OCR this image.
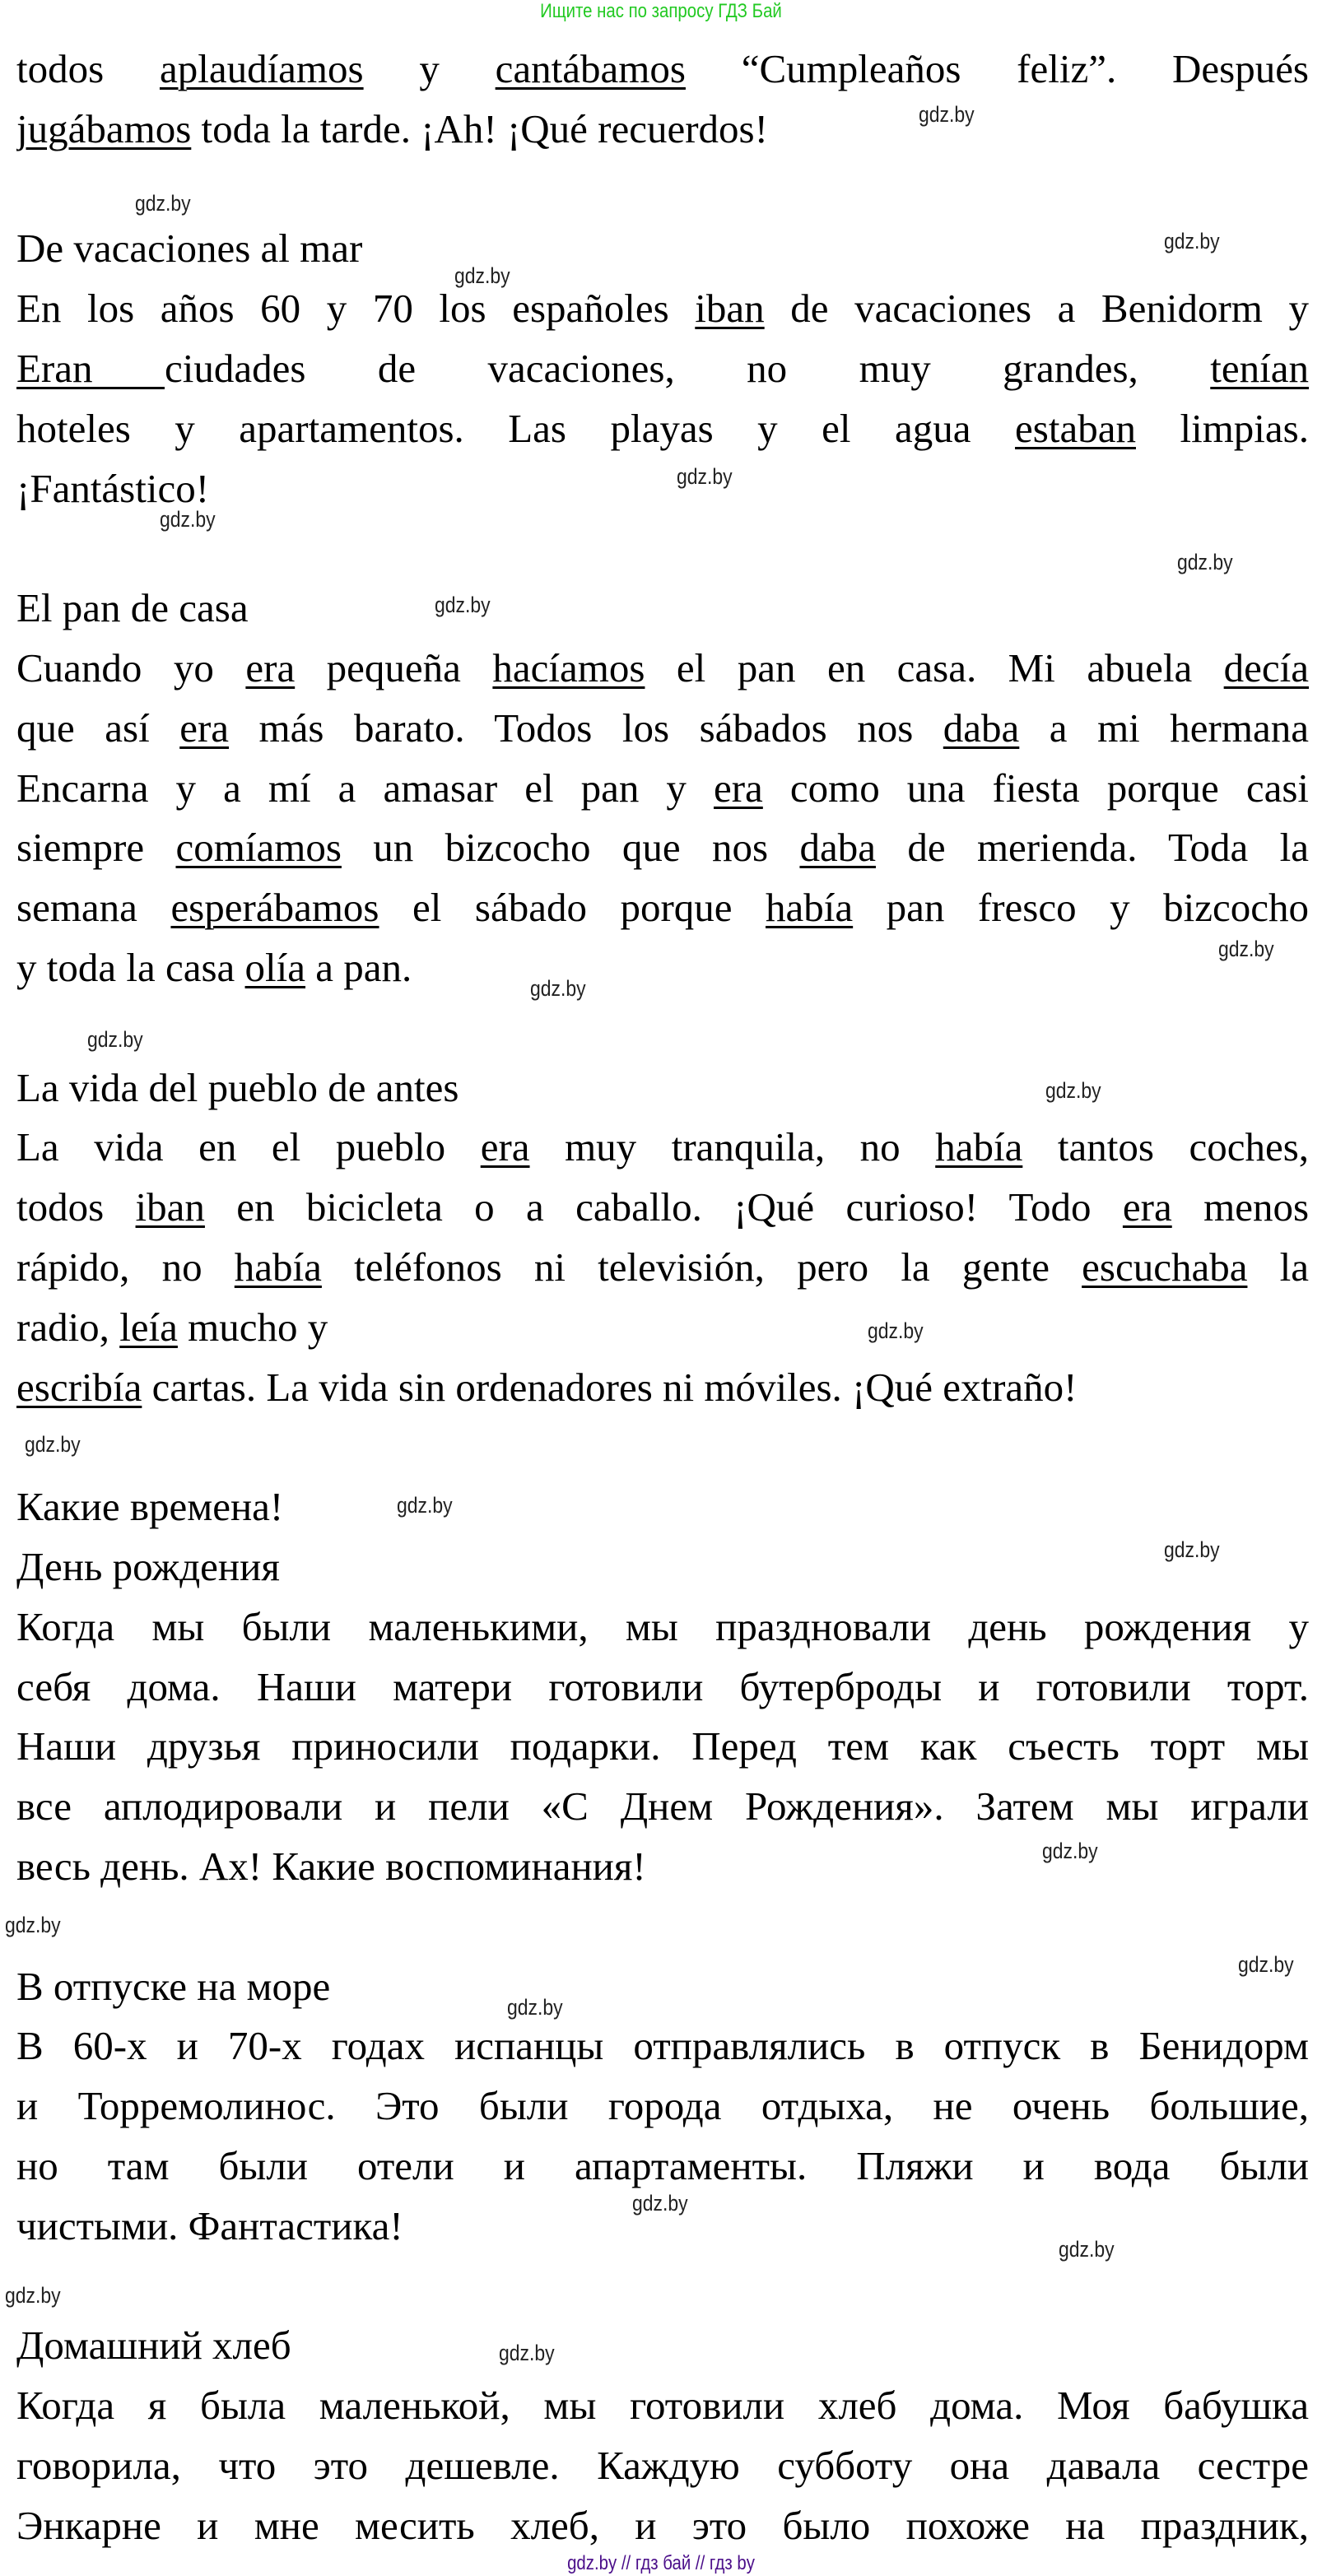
Ищите нас по запросу ГДЗ Бай
todos aplaudíamos y cantábamos “Cumpleaños feliz”. Después
jugábamos toda la tarde. ¡Ah! ¡Qué recuerdos!

De vacaciones al mar
En los años 60 y 70 los españoles iban de vacaciones a Benidorm y
Eran ciudades de vacaciones, no muy grandes, tenían
hoteles y apartamentos. Las playas y el agua estaban limpias.
¡Fantástico!

El pan de casa
Cuando yo era pequeña hacíamos el pan en casa. Mi abuela decía
que así era más barato. Todos los sábados nos daba a mi hermana
Encarna y a mí a amasar el pan y era como una fiesta porque casi
siempre comíamos un bizcocho que nos daba de merienda. Toda la
semana esperábamos el sábado porque había pan fresco y bizcocho
y toda la casa olía a pan.

La vida del pueblo de antes
La vida en el pueblo era muy tranquila, no había tantos coches,
todos iban en bicicleta o a caballo. ¡Qué curioso! Todo era menos
rápido, no había teléfonos ni televisión, pero la gente escuchaba la
radio, leía mucho y
escribía cartas. La vida sin ordenadores ni móviles. ¡Qué extraño!

Какие времена!
День рождения
Когда мы были маленькими, мы праздновали день рождения у
себя дома. Наши матери готовили бутерброды и готовили торт.
Наши друзья приносили подарки. Перед тем как съесть торт мы
все аплодировали и пели «С Днем Рождения». Затем мы играли
весь день. Ах! Какие воспоминания!

В отпуске на море
В 60-х и 70-х годах испанцы отправлялись в отпуск в Бенидорм
и Торремолинос. Это были города отдыха, не очень большие,
но там были отели и апартаменты. Пляжи и вода были
чистыми. Фантастика!

Домашний хлеб
Когда я была маленькой, мы готовили хлеб дома. Моя бабушка
говорила, что это дешевле. Каждую субботу она давала сестре
Энкарне и мне месить хлеб, и это было похоже на праздник,
gdz.by
gdz.by
gdz.by
gdz.by
gdz.by
gdz.by
gdz.by
gdz.by
gdz.by
gdz.by
gdz.by
gdz.by
gdz.by
gdz.by
gdz.by
gdz.by
gdz.by
gdz.by
gdz.by
gdz.by
gdz.by
gdz.by
gdz.by
gdz.by
gdz.by // гдз бай // гдз by
